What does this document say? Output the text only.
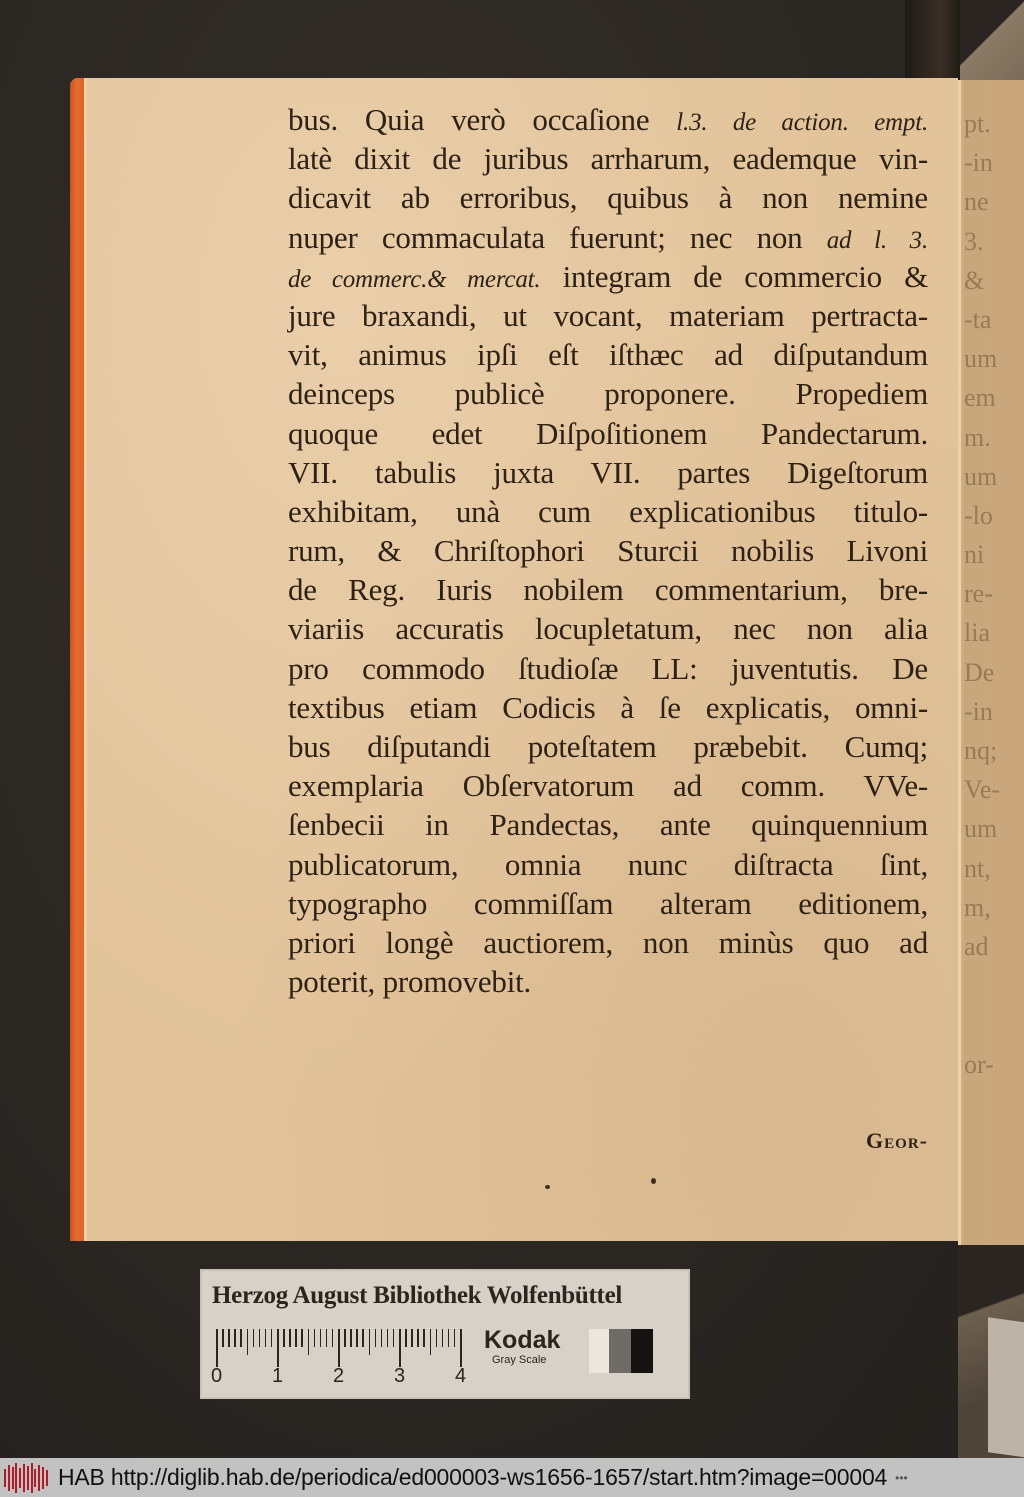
pt.
-in
ne
3.
&
-ta
um
em
m.
um
-lo
ni
re-
lia
De
-in
nq;
Ve-
um
nt,
m,
ad
or-
bus. Quia verò occaſione l.3. de action. empt.
latè dixit de juribus arrharum, eademque vin-
dicavit ab erroribus, quibus à non nemine
nuper commaculata fuerunt; nec non ad l. 3.
de commerc.& mercat. integram de commercio &
jure braxandi, ut vocant, materiam pertracta-
vit, animus ipſi eſt iſthæc ad diſputandum
deinceps publicè proponere. Propediem
quoque edet Diſpoſitionem Pandectarum.
VII. tabulis juxta VII. partes Digeſtorum
exhibitam, unà cum explicationibus titulo-
rum, & Chriſtophori Sturcii nobilis Livoni
de Reg. Iuris nobilem commentarium, bre-
viariis accuratis locupletatum, nec non alia
pro commodo ſtudioſæ LL: juventutis. De
textibus etiam Codicis à ſe explicatis, omni-
bus diſputandi poteſtatem præbebit. Cumq;
exemplaria Obſervatorum ad comm. VVe-
ſenbecii in Pandectas, ante quinquennium
publicatorum, omnia nunc diſtracta ſint,
typographo commiſſam alteram editionem,
priori longè auctiorem, non minùs quo ad
poterit, promovebit.
Geor-
Herzog August Bibliothek Wolfenbüttel
0 1 2 3 4
Kodak
Gray Scale
HAB http://diglib.hab.de/periodica/ed000003-ws1656-1657/start.htm?image=00004 •••
